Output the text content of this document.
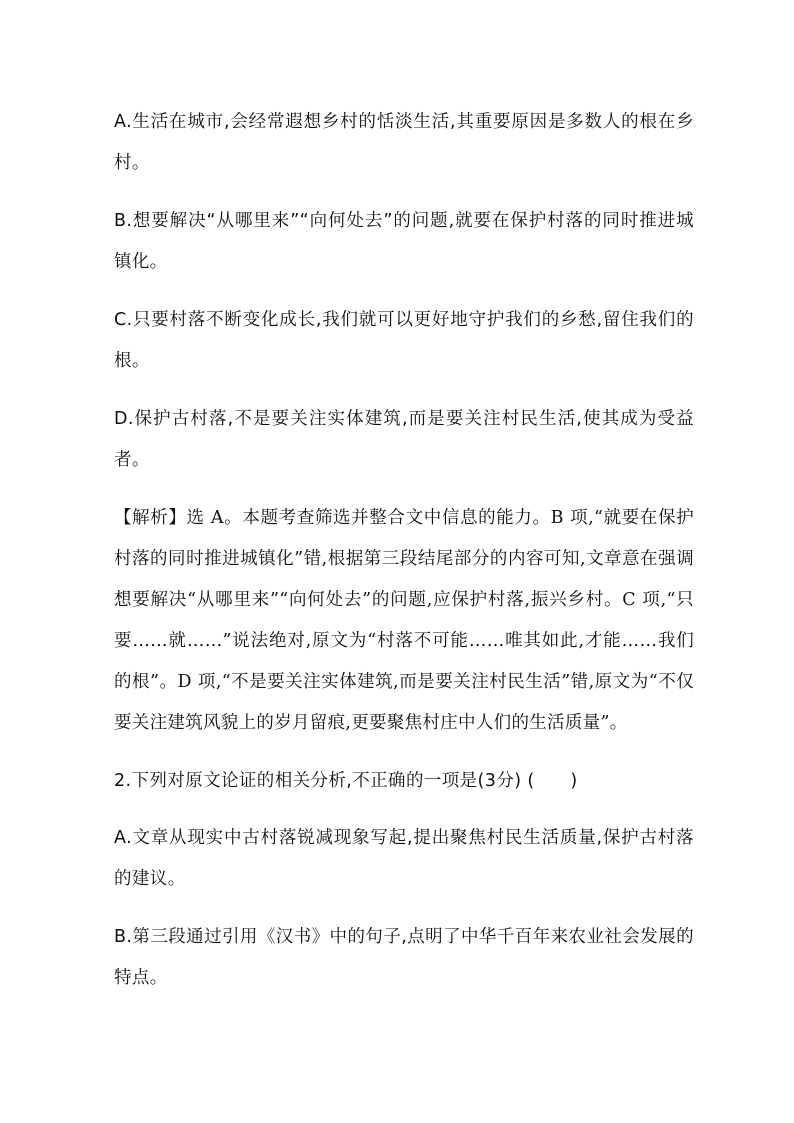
A.生活在城市,会经常遐想乡村的恬淡生活,其重要原因是多数人的根在乡村。

B.想要解决“从哪里来”“向何处去”的问题,就要在保护村落的同时推进城镇化。

C.只要村落不断变化成长,我们就可以更好地守护我们的乡愁,留住我们的根。

D.保护古村落,不是要关注实体建筑,而是要关注村民生活,使其成为受益者。

【解析】选 A。本题考查筛选并整合文中信息的能力。B 项,“就要在保护村落的同时推进城镇化”错,根据第三段结尾部分的内容可知,文章意在强调想要解决“从哪里来”“向何处去”的问题,应保护村落,振兴乡村。C 项,“只要……就……”说法绝对,原文为“村落不可能……唯其如此,才能……我们的根”。D 项,“不是要关注实体建筑,而是要关注村民生活”错,原文为“不仅要关注建筑风貌上的岁月留痕,更要聚焦村庄中人们的生活质量”。

2.下列对原文论证的相关分析,不正确的一项是(3分) (　　)

A.文章从现实中古村落锐减现象写起,提出聚焦村民生活质量,保护古村落的建议。

B.第三段通过引用《汉书》中的句子,点明了中华千百年来农业社会发展的特点。
